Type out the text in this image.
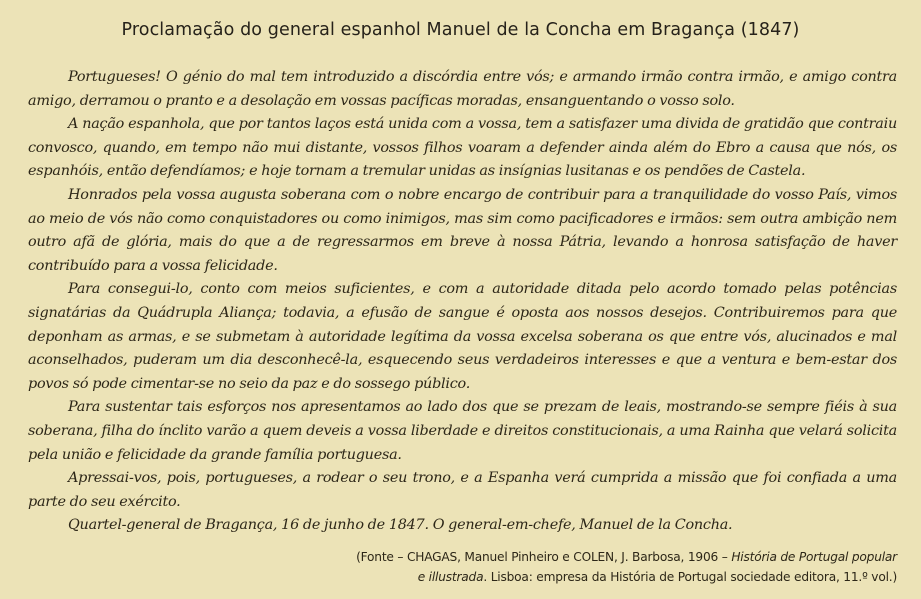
Proclamação do general espanhol Manuel de la Concha em Bragança (1847)

Portugueses! O génio do mal tem introduzido a discórdia entre vós; e armando irmão contra irmão, e amigo contra amigo, derramou o pranto e a desolação em vossas pacíficas moradas, ensanguentando o vosso solo.

A nação espanhola, que por tantos laços está unida com a vossa, tem a satisfazer uma divida de gratidão que contraiu convosco, quando, em tempo não mui distante, vossos filhos voaram a defender ainda além do Ebro a causa que nós, os espanhóis, então defendíamos; e hoje tornam a tremular unidas as insígnias lusitanas e os pendões de Castela.

Honrados pela vossa augusta soberana com o nobre encargo de contribuir para a tranquilidade do vosso País, vimos ao meio de vós não como conquistadores ou como inimigos, mas sim como pacificadores e irmãos: sem outra ambição nem outro afã de glória, mais do que a de regressarmos em breve à nossa Pátria, levando a honrosa satisfação de haver contribuído para a vossa felicidade.

Para consegui-lo, conto com meios suficientes, e com a autoridade ditada pelo acordo tomado pelas potências signatárias da Quádrupla Aliança; todavia, a efusão de sangue é oposta aos nossos desejos. Contribuiremos para que deponham as armas, e se submetam à autoridade legítima da vossa excelsa soberana os que entre vós, alucinados e mal aconselhados, puderam um dia desconhecê-la, esquecendo seus verdadeiros interesses e que a ventura e bem-estar dos povos só pode cimentar-se no seio da paz e do sossego público.

Para sustentar tais esforços nos apresentamos ao lado dos que se prezam de leais, mostrando-se sempre fiéis à sua soberana, filha do ínclito varão a quem deveis a vossa liberdade e direitos constitucionais, a uma Rainha que velará solicita pela união e felicidade da grande família portuguesa.

Apressai-vos, pois, portugueses, a rodear o seu trono, e a Espanha verá cumprida a missão que foi confiada a uma parte do seu exército.

Quartel-general de Bragança, 16 de junho de 1847. O general-em-chefe, Manuel de la Concha.

(Fonte – CHAGAS, Manuel Pinheiro e COLEN, J. Barbosa, 1906 – História de Portugal popular
e illustrada. Lisboa: empresa da História de Portugal sociedade editora, 11.º vol.)
